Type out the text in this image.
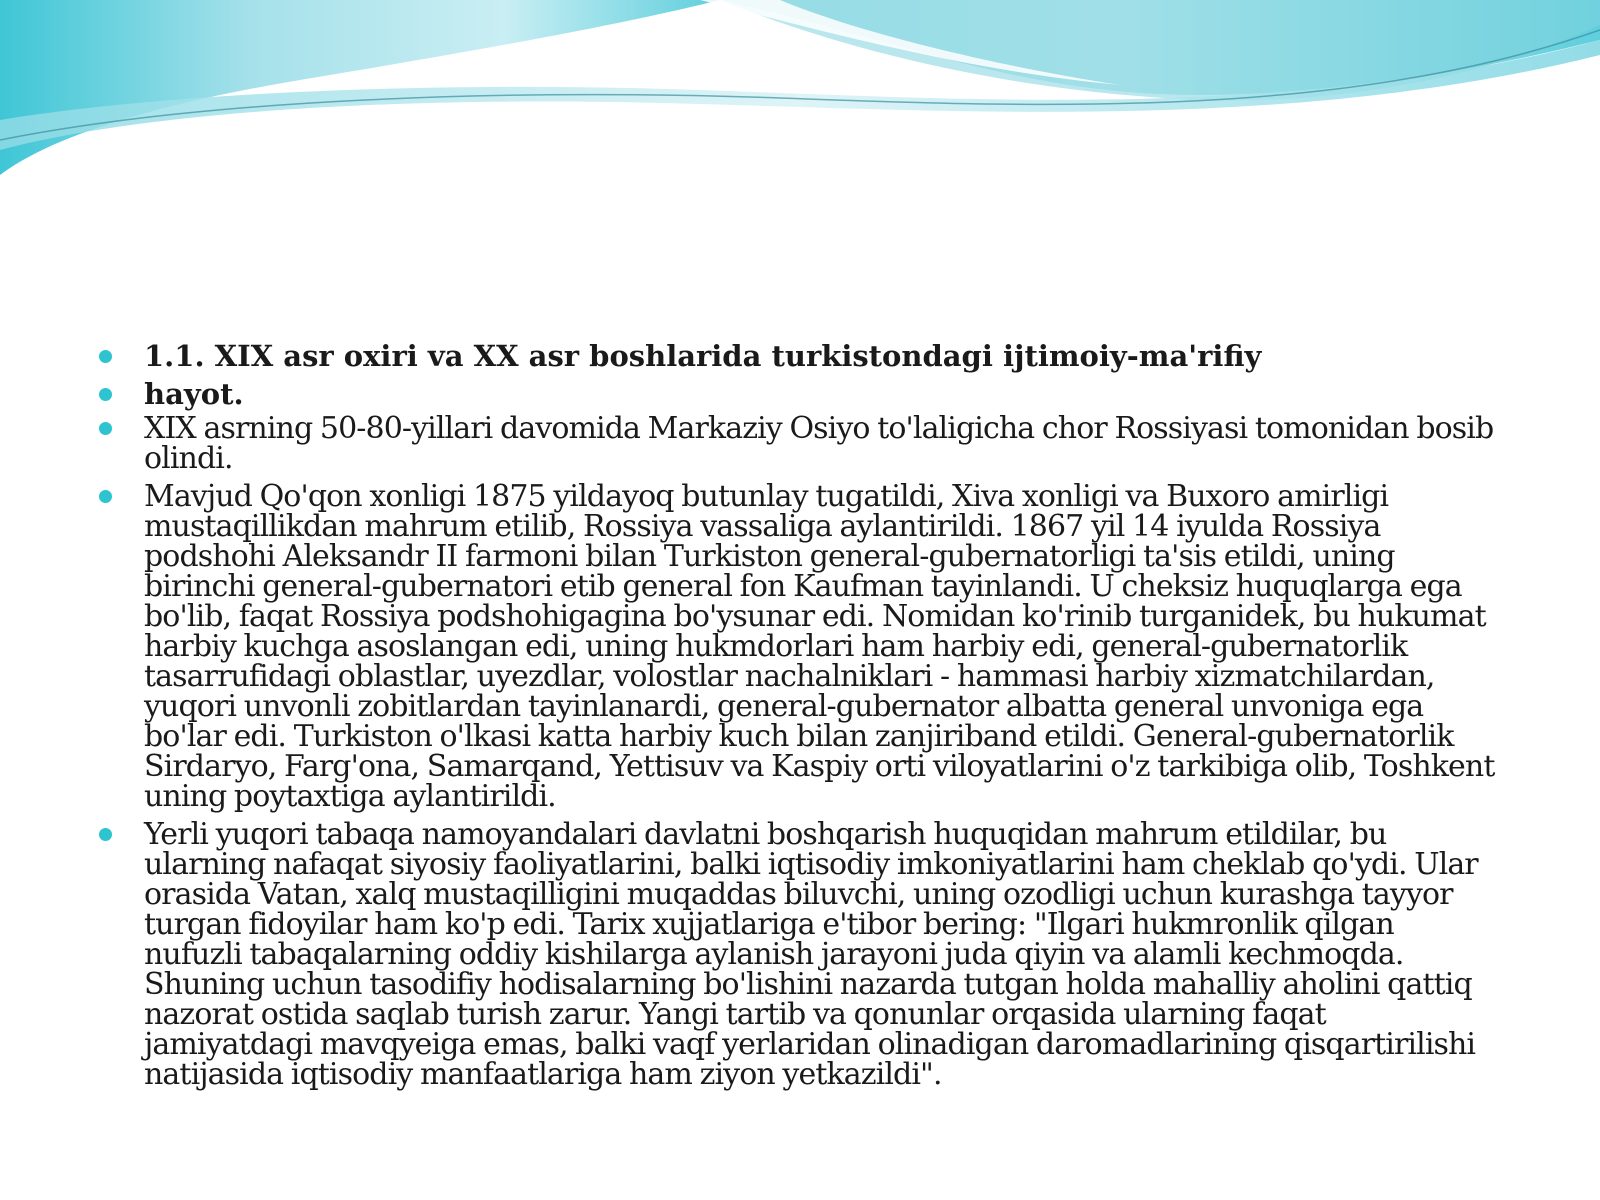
1.1. XIX asr oxiri va XX asr boshlarida turkistondagi ijtimoiy-ma'rifiy
hayot.
XIX asrning 50-80-yillari davomida Markaziy Osiyo to'laligicha chor Rossiyasi tomonidan bosib olindi.
Mavjud Qo'qon xonligi 1875 yildayoq butunlay tugatildi, Xiva xonligi va Buxoro amirligi mustaqillikdan mahrum etilib, Rossiya vassaliga aylantirildi. 1867 yil 14 iyulda Rossiya podshohi Aleksandr II farmoni bilan Turkiston general-gubernatorligi ta'sis etildi, uning birinchi general-gubernatori etib general fon Kaufman tayinlandi. U cheksiz huquqlarga ega bo'lib, faqat Rossiya podshohigagina bo'ysunar edi. Nomidan ko'rinib turganidek, bu hukumat harbiy kuchga asoslangan edi, uning hukmdorlari ham harbiy edi, general-gubernatorlik tasarrufidagi oblastlar, uyezdlar, volostlar nachalniklari - hammasi harbiy xizmatchilardan, yuqori unvonli zobitlardan tayinlanardi, general-gubernator albatta general unvoniga ega bo'lar edi. Turkiston o'lkasi katta harbiy kuch bilan zanjiriband etildi. General-gubernatorlik Sirdaryo, Farg'ona, Samarqand, Yettisuv va Kaspiy orti viloyatlarini o'z tarkibiga olib, Toshkent uning poytaxtiga aylantirildi.
Yerli yuqori tabaqa namoyandalari davlatni boshqarish huquqidan mahrum etildilar, bu ularning nafaqat siyosiy faoliyatlarini, balki iqtisodiy imkoniyatlarini ham cheklab qo'ydi. Ular orasida Vatan, xalq mustaqilligini muqaddas biluvchi, uning ozodligi uchun kurashga tayyor turgan fidoyilar ham ko'p edi. Tarix xujjatlariga e'tibor bering: "Ilgari hukmronlik qilgan nufuzli tabaqalarning oddiy kishilarga aylanish jarayoni juda qiyin va alamli kechmoqda. Shuning uchun tasodifiy hodisalarning bo'lishini nazarda tutgan holda mahalliy aholini qattiq nazorat ostida saqlab turish zarur. Yangi tartib va qonunlar orqasida ularning faqat jamiyatdagi mavqyeiga emas, balki vaqf yerlaridan olinadigan daromadlarining qisqartirilishi natijasida iqtisodiy manfaatlariga ham ziyon yetkazildi".
